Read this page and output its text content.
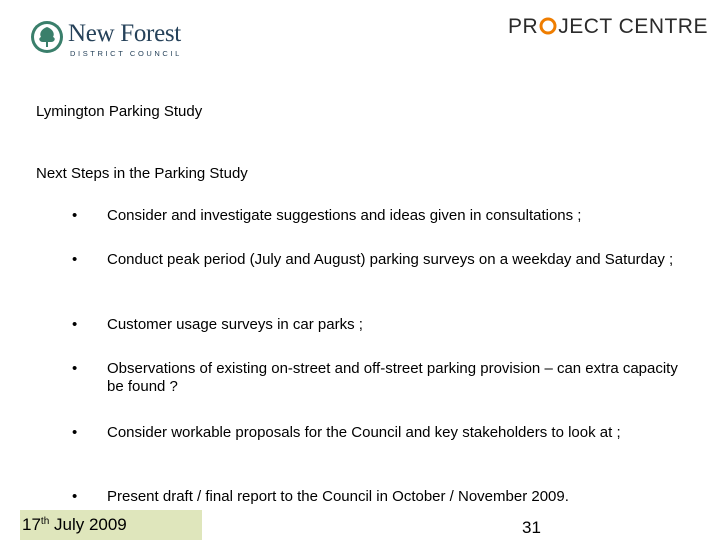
New Forest
DISTRICT COUNCIL
PR JECT CENTRE
Lymington Parking Study
Next Steps in the Parking Study
• Consider and investigate suggestions and ideas given in consultations ;
• Conduct peak period (July and August) parking surveys on a weekday and Saturday ;
• Customer usage surveys in car parks ;
• Observations of existing on-street and off-street parking provision – can extra capacity be found ?
• Consider workable proposals for the Council and key stakeholders to look at ;
• Present draft / final report to the Council in October / November 2009.
17th July 2009	31
